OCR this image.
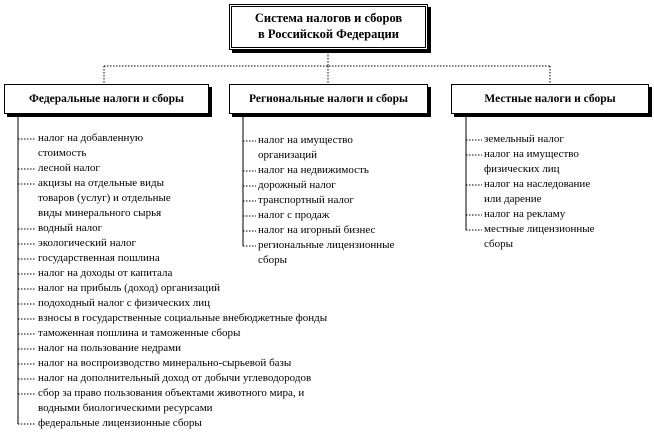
Система налогов и сборов
в Российской Федерации
Федеральные налоги и сборы	Региональные налоги и сборы	Местные налоги и сборы
налог на добавленную
стоимость
лесной налог
акцизы на отдельные виды
товаров (услуг) и отдельные
виды минерального сырья
водный налог
экологический налог
государственная пошлина
налог на доходы от капитала
налог на прибыль (доход) организаций
подоходный налог с физических лиц
взносы в государственные социальные внебюджетные фонды
таможенная пошлина и таможенные сборы
налог на пользование недрами
налог на воспроизводство минерально-сырьевой базы
налог на дополнительный доход от добычи углеводородов
сбор за право пользования объектами животного мира, и
водными биологическими ресурсами
федеральные лицензионные сборы
налог на имущество
организаций
налог на недвижимость
дорожный налог
транспортный налог
налог с продаж
налог на игорный бизнес
региональные лицензионные
сборы
земельный налог
налог на имущество
физических лиц
налог на наследование
или дарение
налог на рекламу
местные лицензионные
сборы
